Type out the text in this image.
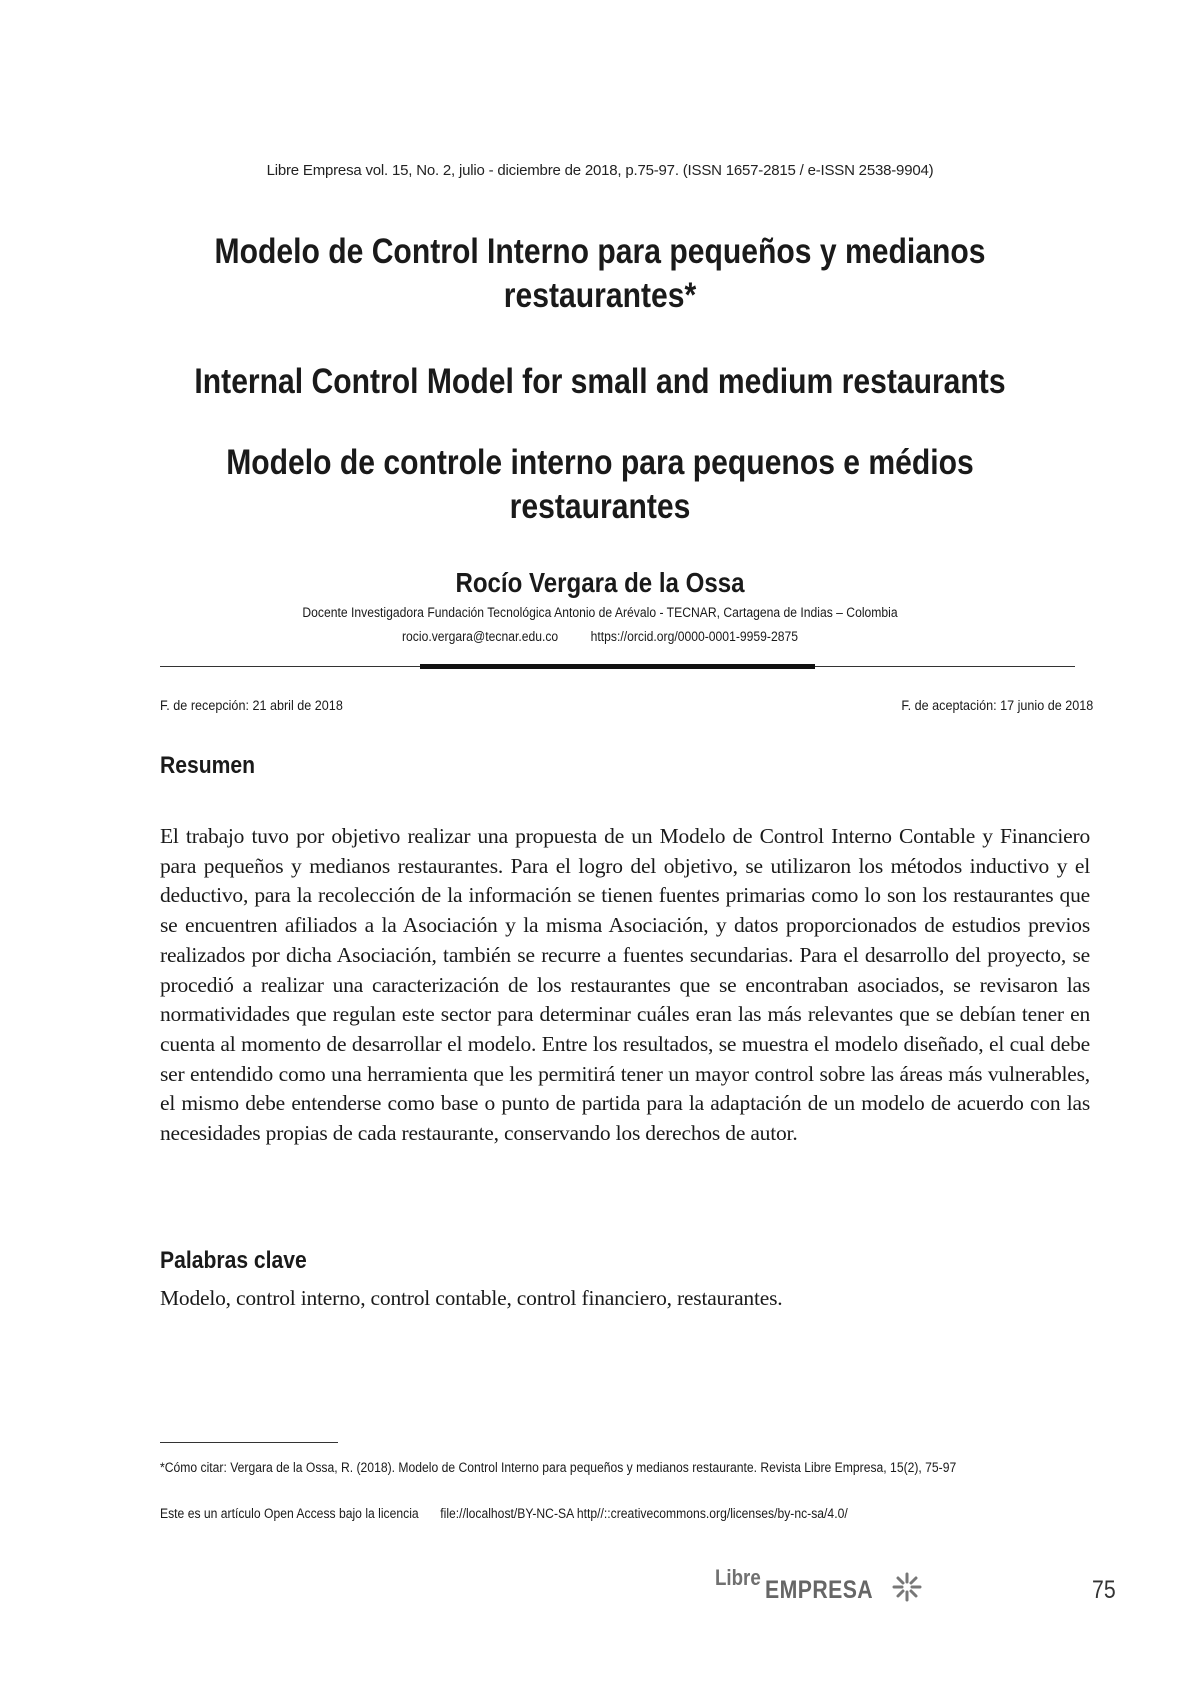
Libre Empresa vol. 15, No. 2, julio - diciembre de 2018, p.75-97. (ISSN 1657-2815 / e-ISSN 2538-9904)
Modelo de Control Interno para pequeños y medianos
restaurantes*
Internal Control Model for small and medium restaurants
Modelo de controle interno para pequenos e médios
restaurantes
Rocío Vergara de la Ossa
Docente Investigadora Fundación Tecnológica Antonio de Arévalo - TECNAR, Cartagena de Indias – Colombia
rocio.vergara@tecnar.edu.co https://orcid.org/0000-0001-9959-2875
F. de recepción: 21 abril de 2018	F. de aceptación: 17 junio de 2018
Resumen
El trabajo tuvo por objetivo realizar una propuesta de un Modelo de Control Interno Contable y Financiero para pequeños y medianos restaurantes. Para el logro del objetivo, se utilizaron los métodos inductivo y el deductivo, para la recolección de la información se tienen fuentes primarias como lo son los restaurantes que se encuentren afiliados a la Asociación y la misma Asociación, y datos proporcionados de estudios previos realizados por dicha Asociación, también se recurre a fuentes secundarias. Para el desarrollo del proyecto, se procedió a realizar una caracterización de los restaurantes que se encontraban asociados, se revisaron las normatividades que regulan este sector para determinar cuáles eran las más relevantes que se debían tener en cuenta al momento de desarrollar el modelo. Entre los resultados, se muestra el modelo diseñado, el cual debe ser entendido como una herramienta que les permitirá tener un mayor control sobre las áreas más vulnerables, el mismo debe entenderse como base o punto de partida para la adaptación de un modelo de acuerdo con las necesidades propias de cada restaurante, conservando los derechos de autor.
Palabras clave
Modelo, control interno, control contable, control financiero, restaurantes.
*Cómo citar: Vergara de la Ossa, R. (2018). Modelo de Control Interno para pequeños y medianos restaurante. Revista Libre Empresa, 15(2), 75-97
Este es un artículo Open Access bajo la licencia file://localhost/BY-NC-SA http//::creativecommons.org/licenses/by-nc-sa/4.0/
Libre EMPRESA	75
